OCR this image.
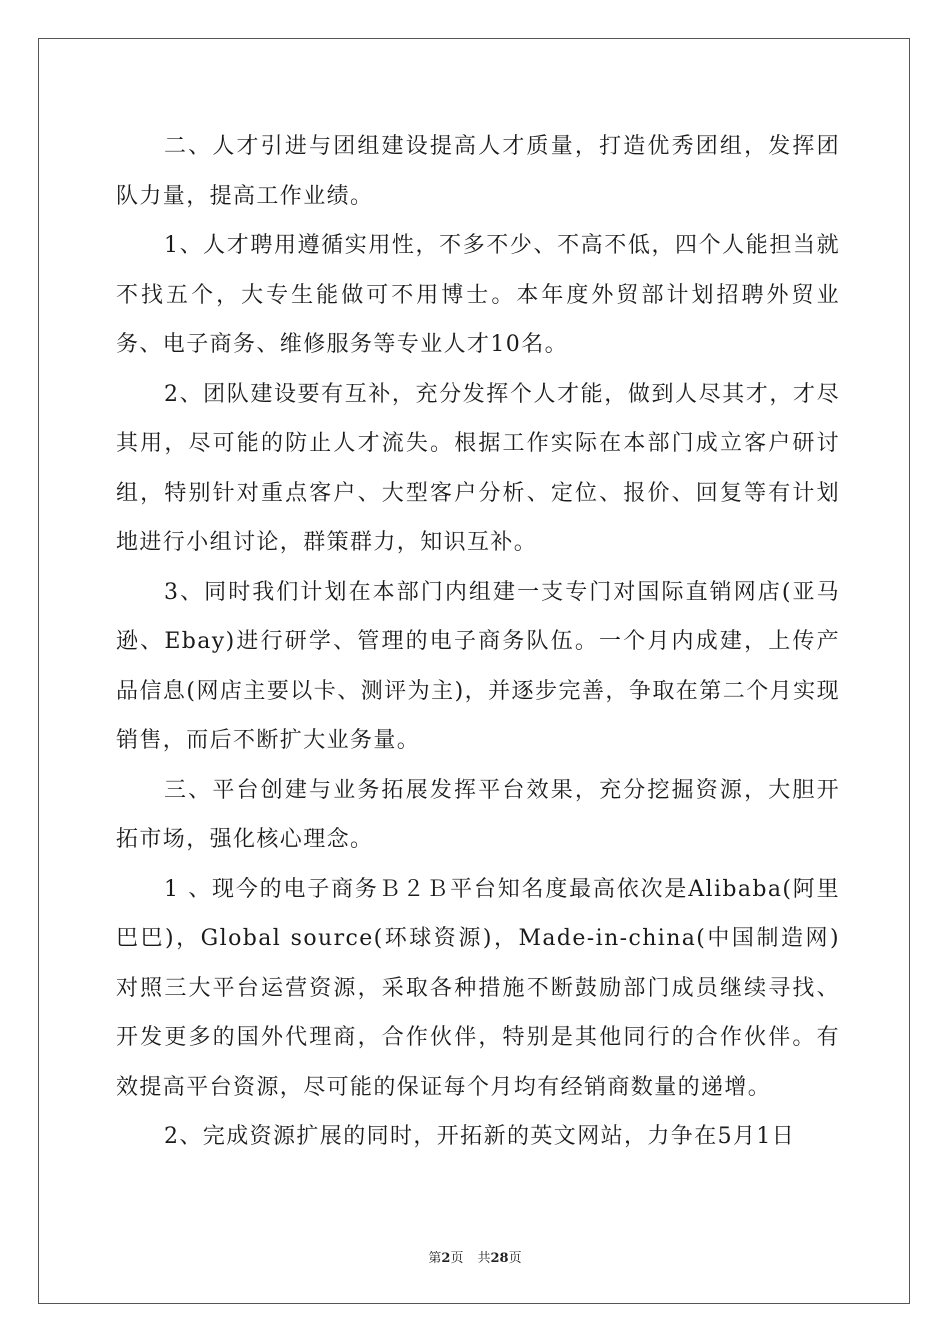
二、人才引进与团组建设提高人才质量，打造优秀团组，发挥团队力量，提高工作业绩。

1、人才聘用遵循实用性，不多不少、不高不低，四个人能担当就不找五个，大专生能做可不用博士。本年度外贸部计划招聘外贸业务、电子商务、维修服务等专业人才10名。

2、团队建设要有互补，充分发挥个人才能，做到人尽其才，才尽其用，尽可能的防止人才流失。根据工作实际在本部门成立客户研讨组，特别针对重点客户、大型客户分析、定位、报价、回复等有计划地进行小组讨论，群策群力，知识互补。

3、同时我们计划在本部门内组建一支专门对国际直销网店(亚马逊、Ebay)进行研学、管理的电子商务队伍。一个月内成建，上传产品信息(网店主要以卡、测评为主)，并逐步完善，争取在第二个月实现销售，而后不断扩大业务量。

三、平台创建与业务拓展发挥平台效果，充分挖掘资源，大胆开拓市场，强化核心理念。

1 、现今的电子商务Ｂ２Ｂ平台知名度最高依次是Alibaba(阿里巴巴)，Global source(环球资源)，Made-in-china(中国制造网)对照三大平台运营资源，采取各种措施不断鼓励部门成员继续寻找、开发更多的国外代理商，合作伙伴，特别是其他同行的合作伙伴。有效提高平台资源，尽可能的保证每个月均有经销商数量的递增。

2、完成资源扩展的同时，开拓新的英文网站，力争在5月1日

第2页 共28页
